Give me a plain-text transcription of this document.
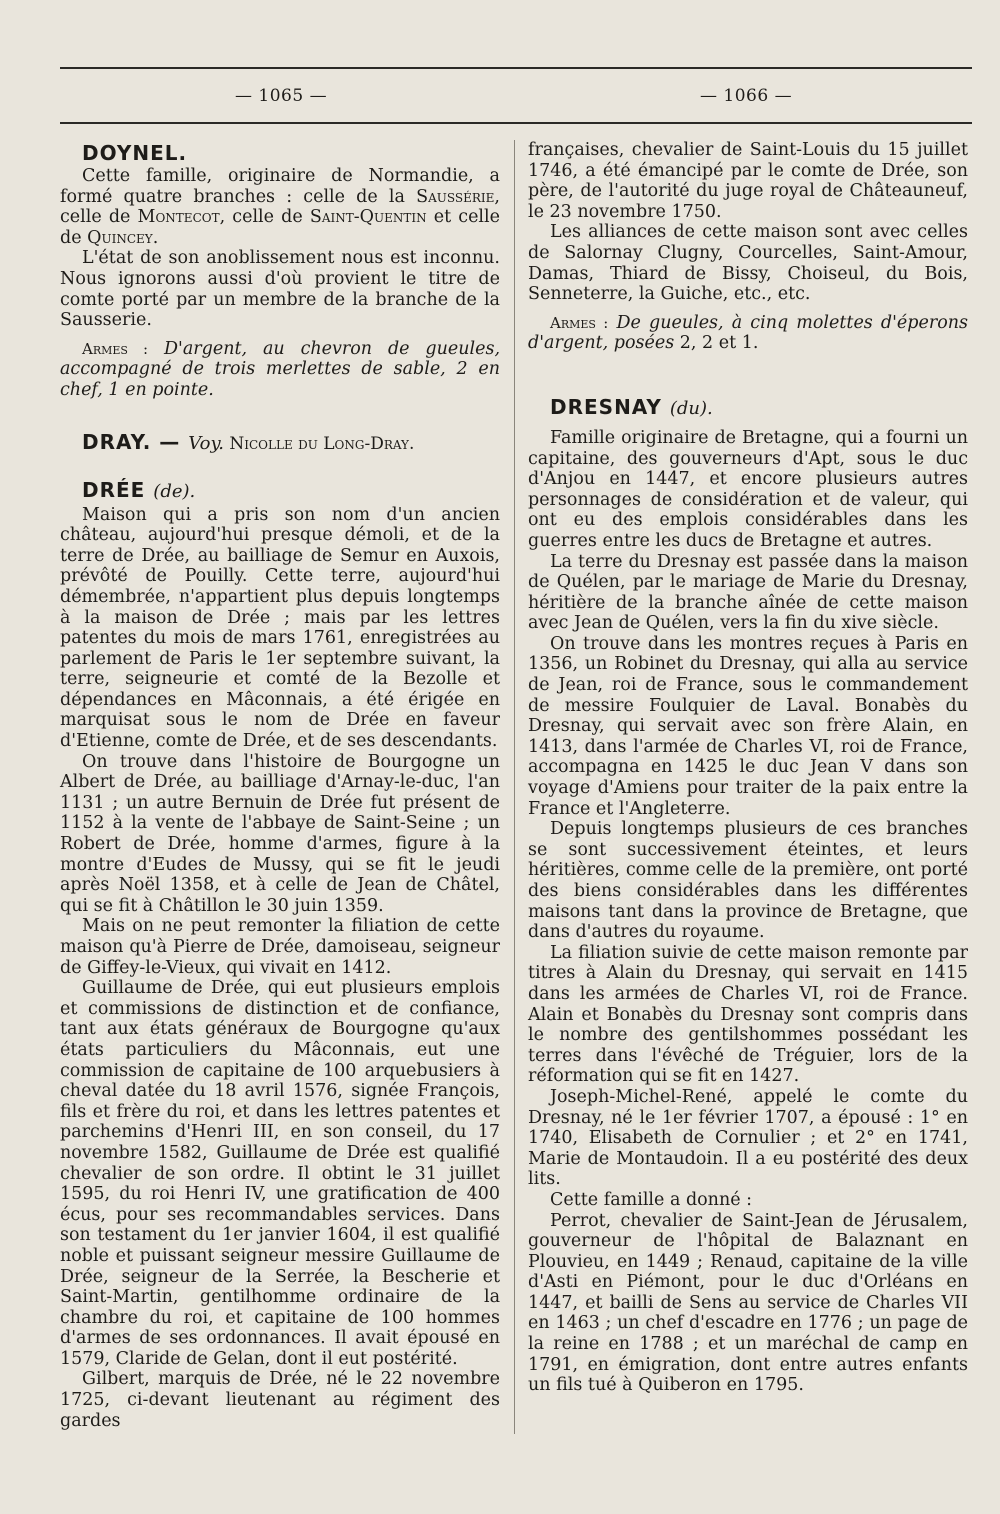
— 1065 —	— 1066 —
DOYNEL.

Cette famille, originaire de Normandie, a formé quatre branches : celle de la Saussérie, celle de Montecot, celle de Saint-Quentin et celle de Quincey.

L'état de son anoblissement nous est inconnu. Nous ignorons aussi d'où provient le titre de comte porté par un membre de la branche de la Sausserie.

Armes : D'argent, au chevron de gueules, accompagné de trois merlettes de sable, 2 en chef, 1 en pointe.

DRAY. — Voy. Nicolle du Long-Dray.
DRÉE (de).

Maison qui a pris son nom d'un ancien château, aujourd'hui presque démoli, et de la terre de Drée, au bailliage de Semur en Auxois, prévôté de Pouilly. Cette terre, aujourd'hui démembrée, n'appartient plus depuis longtemps à la maison de Drée ; mais par les lettres patentes du mois de mars 1761, enregistrées au parlement de Paris le 1er septembre suivant, la terre, seigneurie et comté de la Bezolle et dépendances en Mâconnais, a été érigée en marquisat sous le nom de Drée en faveur d'Etienne, comte de Drée, et de ses descendants.

On trouve dans l'histoire de Bourgogne un Albert de Drée, au bailliage d'Arnay-le-duc, l'an 1131 ; un autre Bernuin de Drée fut présent de 1152 à la vente de l'abbaye de Saint-Seine ; un Robert de Drée, homme d'armes, figure à la montre d'Eudes de Mussy, qui se fit le jeudi après Noël 1358, et à celle de Jean de Châtel, qui se fit à Châtillon le 30 juin 1359.

Mais on ne peut remonter la filiation de cette maison qu'à Pierre de Drée, damoiseau, seigneur de Giffey-le-Vieux, qui vivait en 1412.

Guillaume de Drée, qui eut plusieurs emplois et commissions de distinction et de confiance, tant aux états généraux de Bourgogne qu'aux états particuliers du Mâconnais, eut une commission de capitaine de 100 arquebusiers à cheval datée du 18 avril 1576, signée François, fils et frère du roi, et dans les lettres patentes et parchemins d'Henri III, en son conseil, du 17 novembre 1582, Guillaume de Drée est qualifié chevalier de son ordre. Il obtint le 31 juillet 1595, du roi Henri IV, une gratification de 400 écus, pour ses recommandables services. Dans son testament du 1er janvier 1604, il est qualifié noble et puissant seigneur messire Guillaume de Drée, seigneur de la Serrée, la Bescherie et Saint-Martin, gentilhomme ordinaire de la chambre du roi, et capitaine de 100 hommes d'armes de ses ordonnances. Il avait épousé en 1579, Claride de Gelan, dont il eut postérité.

Gilbert, marquis de Drée, né le 22 novembre 1725, ci-devant lieutenant au régiment des gardes

françaises, chevalier de Saint-Louis du 15 juillet 1746, a été émancipé par le comte de Drée, son père, de l'autorité du juge royal de Châteauneuf, le 23 novembre 1750.

Les alliances de cette maison sont avec celles de Salornay Clugny, Courcelles, Saint-Amour, Damas, Thiard de Bissy, Choiseul, du Bois, Senneterre, la Guiche, etc., etc.

Armes : De gueules, à cinq molettes d'éperons d'argent, posées 2, 2 et 1.

DRESNAY (du).

Famille originaire de Bretagne, qui a fourni un capitaine, des gouverneurs d'Apt, sous le duc d'Anjou en 1447, et encore plusieurs autres personnages de considération et de valeur, qui ont eu des emplois considérables dans les guerres entre les ducs de Bretagne et autres.

La terre du Dresnay est passée dans la maison de Quélen, par le mariage de Marie du Dresnay, héritière de la branche aînée de cette maison avec Jean de Quélen, vers la fin du xive siècle.

On trouve dans les montres reçues à Paris en 1356, un Robinet du Dresnay, qui alla au service de Jean, roi de France, sous le commandement de messire Foulquier de Laval. Bonabès du Dresnay, qui servait avec son frère Alain, en 1413, dans l'armée de Charles VI, roi de France, accompagna en 1425 le duc Jean V dans son voyage d'Amiens pour traiter de la paix entre la France et l'Angleterre.

Depuis longtemps plusieurs de ces branches se sont successivement éteintes, et leurs héritières, comme celle de la première, ont porté des biens considérables dans les différentes maisons tant dans la province de Bretagne, que dans d'autres du royaume.

La filiation suivie de cette maison remonte par titres à Alain du Dresnay, qui servait en 1415 dans les armées de Charles VI, roi de France. Alain et Bonabès du Dresnay sont compris dans le nombre des gentilshommes possédant les terres dans l'évêché de Tréguier, lors de la réformation qui se fit en 1427.

Joseph-Michel-René, appelé le comte du Dresnay, né le 1er février 1707, a épousé : 1° en 1740, Elisabeth de Cornulier ; et 2° en 1741, Marie de Montaudoin. Il a eu postérité des deux lits.

Cette famille a donné :

Perrot, chevalier de Saint-Jean de Jérusalem, gouverneur de l'hôpital de Balaznant en Plouvieu, en 1449 ; Renaud, capitaine de la ville d'Asti en Piémont, pour le duc d'Orléans en 1447, et bailli de Sens au service de Charles VII en 1463 ; un chef d'escadre en 1776 ; un page de la reine en 1788 ; et un maréchal de camp en 1791, en émigration, dont entre autres enfants un fils tué à Quiberon en 1795.
